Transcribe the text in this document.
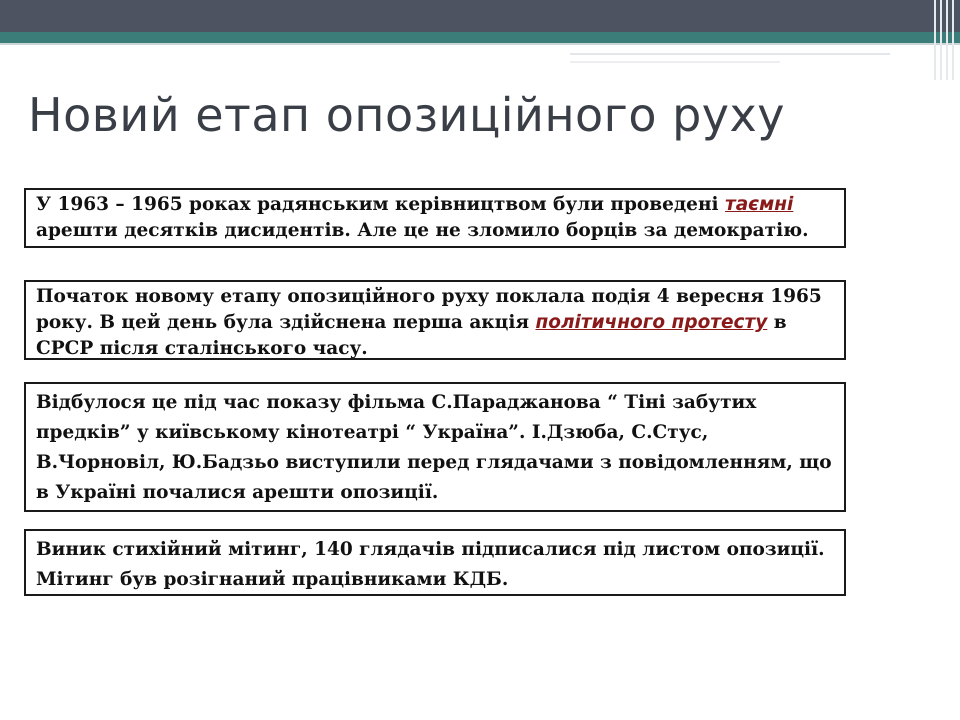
Новий етап опозиційного руху
У 1963 – 1965 роках радянським керівництвом були проведені таємні арешти десятків дисидентів. Але це не зломило борців за демократію.
Початок новому етапу опозиційного руху поклала подія 4 вересня 1965 року. В цей день була здійснена перша акція політичного протесту в СРСР після сталінського часу.
Відбулося це під час показу фільма С.Параджанова “ Тіні забутих предків” у київському кінотеатрі “ Україна”. І.Дзюба, С.Стус, В.Чорновіл, Ю.Бадзьо виступили перед глядачами з повідомленням, що в Україні почалися арешти опозиції.
Виник стихійний мітинг, 140 глядачів підписалися під листом опозиції. Мітинг був розігнаний працівниками КДБ.
